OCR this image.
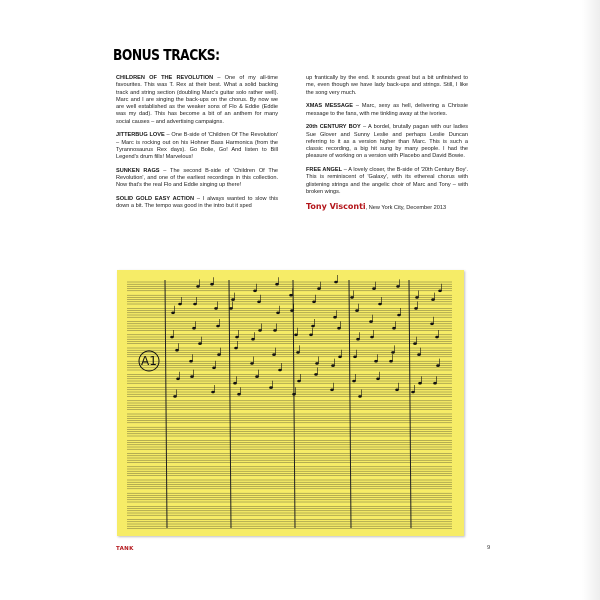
BONUS TRACKS:

CHILDREN OF THE REVOLUTION – One of my all-time favourites. This was T. Rex at their best. What a solid backing track and string section (doubling Marc's guitar solo rather well). Marc and I are singing the back-ups on the chorus. By now we are well established as the weaker sons of Flo & Eddie (Eddie was my dad). This has become a bit of an anthem for many social causes – and advertising campaigns.

JITTERBUG LOVE – One B-side of 'Children Of The Revolution' – Marc is rocking out on his Hohner Bass Harmonica (from the Tyrannosaurus Rex days). Go Bolie, Go! And listen to Bill Legend's drum fills! Marvelous!

SUNKEN RAGS – The second B-side of 'Children Of The Revolution', and one of the earliest recordings in this collection. Now that's the real Flo and Eddie singing up there!

SOLID GOLD EASY ACTION – I always wanted to slow this down a bit. The tempo was good in the intro but it sped

up frantically by the end. It sounds great but a bit unfinished to me, even though we have lady back-ups and strings. Still, I like the song very much.

XMAS MESSAGE – Marc, sexy as hell, delivering a Chrissie message to the fans, with me tinkling away at the ivories.

20th CENTURY BOY – A bordel, brutally pagan with our ladies Sue Glover and Sunny Leslie and perhaps Leslie Duncan referring to it as a version higher than Marc. This is such a classic recording, a big hit sung by many people. I had the pleasure of working on a version with Placebo and David Bowie.

FREE ANGEL – A lovely closer, the B-side of '20th Century Boy'. This is reminiscent of 'Galaxy', with its ethereal chorus with glistening strings and the angelic choir of Marc and Tony – with broken wings.

Tony Visconti, New York City, December 2013
A1
TANK	9
